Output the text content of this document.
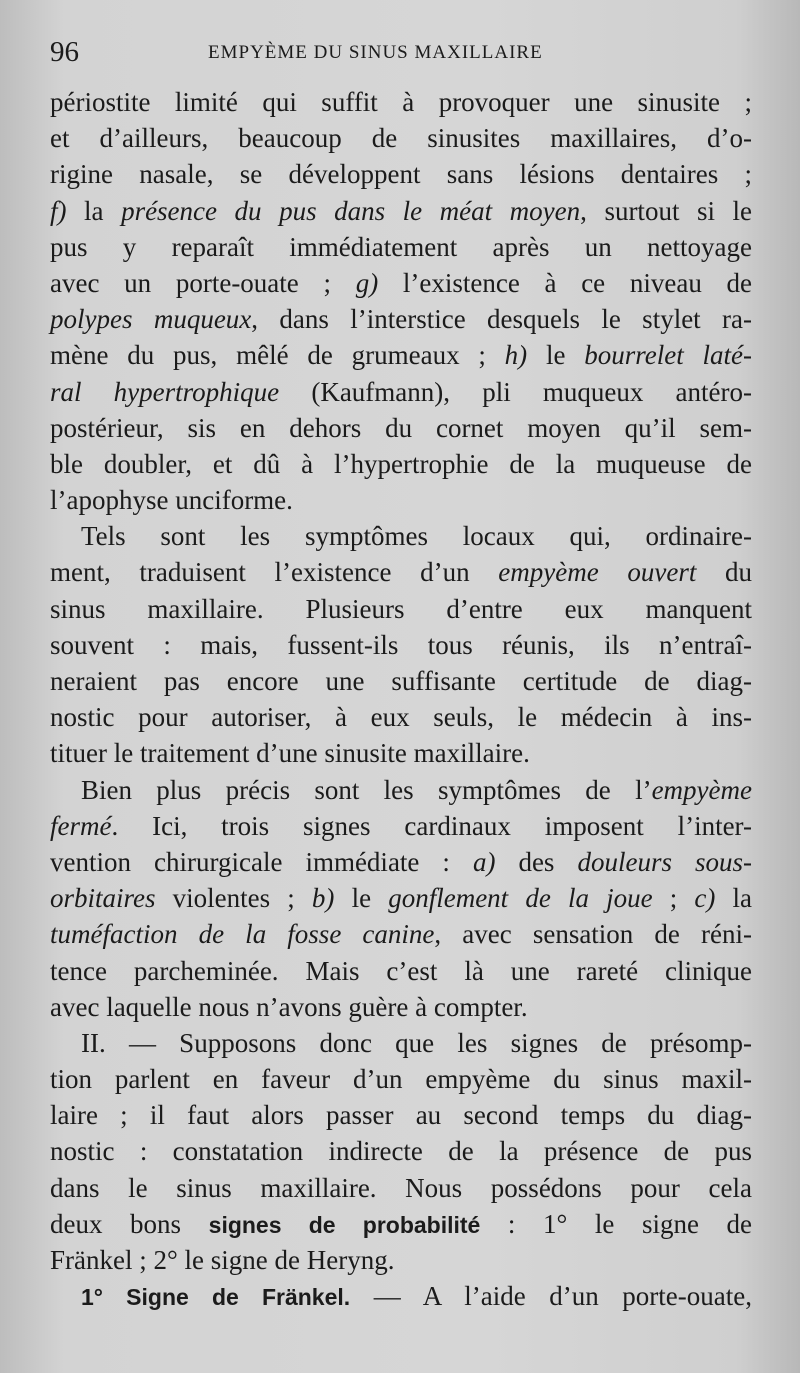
96	EMPYÈME DU SINUS MAXILLAIRE
périostite limité qui suffit à provoquer une sinusite ;
et d’ailleurs, beaucoup de sinusites maxillaires, d’o-
rigine nasale, se développent sans lésions dentaires ;
f) la présence du pus dans le méat moyen, surtout si le
pus y reparaît immédiatement après un nettoyage
avec un porte-ouate ; g) l’existence à ce niveau de
polypes muqueux, dans l’interstice desquels le stylet ra-
mène du pus, mêlé de grumeaux ; h) le bourrelet laté-
ral hypertrophique (Kaufmann), pli muqueux antéro-
postérieur, sis en dehors du cornet moyen qu’il sem-
ble doubler, et dû à l’hypertrophie de la muqueuse de
l’apophyse unciforme.
Tels sont les symptômes locaux qui, ordinaire-
ment, traduisent l’existence d’un empyème ouvert du
sinus maxillaire. Plusieurs d’entre eux manquent
souvent : mais, fussent-ils tous réunis, ils n’entraî-
neraient pas encore une suffisante certitude de diag-
nostic pour autoriser, à eux seuls, le médecin à ins-
tituer le traitement d’une sinusite maxillaire.
Bien plus précis sont les symptômes de l’empyème
fermé. Ici, trois signes cardinaux imposent l’inter-
vention chirurgicale immédiate : a) des douleurs sous-
orbitaires violentes ; b) le gonflement de la joue ; c) la
tuméfaction de la fosse canine, avec sensation de réni-
tence parcheminée. Mais c’est là une rareté clinique
avec laquelle nous n’avons guère à compter.
II. — Supposons donc que les signes de présomp-
tion parlent en faveur d’un empyème du sinus maxil-
laire ; il faut alors passer au second temps du diag-
nostic : constatation indirecte de la présence de pus
dans le sinus maxillaire. Nous possédons pour cela
deux bons signes de probabilité : 1° le signe de
Fränkel ; 2° le signe de Heryng.
1° Signe de Fränkel. — A l’aide d’un porte-ouate,
